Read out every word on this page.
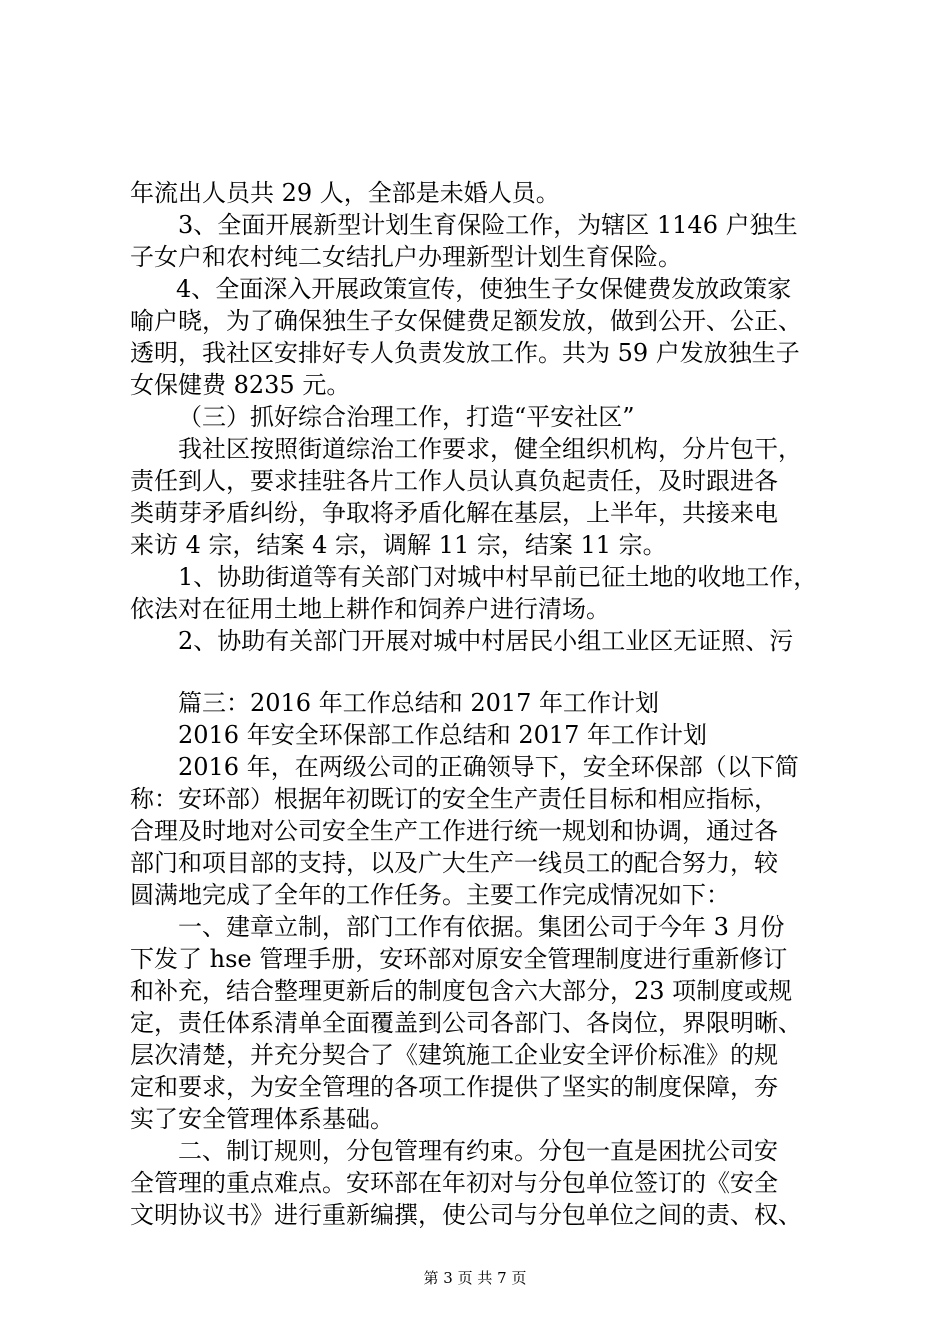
年流出人员共 29 人，全部是未婚人员。

3、全面开展新型计划生育保险工作，为辖区 1146 户独生

子女户和农村纯二女结扎户办理新型计划生育保险。

4、全面深入开展政策宣传，使独生子女保健费发放政策家

喻户晓，为了确保独生子女保健费足额发放，做到公开、公正、

透明，我社区安排好专人负责发放工作。共为 59 户发放独生子

女保健费 8235 元。

（三）抓好综合治理工作，打造“平安社区”

我社区按照街道综治工作要求，健全组织机构，分片包干，

责任到人，要求挂驻各片工作人员认真负起责任，及时跟进各

类萌芽矛盾纠纷，争取将矛盾化解在基层，上半年，共接来电

来访 4 宗，结案 4 宗，调解 11 宗，结案 11 宗。

1、协助街道等有关部门对城中村早前已征土地的收地工作，

依法对在征用土地上耕作和饲养户进行清场。

2、协助有关部门开展对城中村居民小组工业区无证照、污

篇三：2016 年工作总结和 2017 年工作计划

2016 年安全环保部工作总结和 2017 年工作计划

2016 年，在两级公司的正确领导下，安全环保部（以下简

称：安环部）根据年初既订的安全生产责任目标和相应指标，

合理及时地对公司安全生产工作进行统一规划和协调，通过各

部门和项目部的支持，以及广大生产一线员工的配合努力，较

圆满地完成了全年的工作任务。主要工作完成情况如下：

一、建章立制，部门工作有依据。集团公司于今年 3 月份

下发了 hse 管理手册，安环部对原安全管理制度进行重新修订

和补充，结合整理更新后的制度包含六大部分，23 项制度或规

定，责任体系清单全面覆盖到公司各部门、各岗位，界限明晰、

层次清楚，并充分契合了《建筑施工企业安全评价标准》的规

定和要求，为安全管理的各项工作提供了坚实的制度保障，夯

实了安全管理体系基础。

二、制订规则，分包管理有约束。分包一直是困扰公司安

全管理的重点难点。安环部在年初对与分包单位签订的《安全

文明协议书》进行重新编撰，使公司与分包单位之间的责、权、

第 3 页 共 7 页
